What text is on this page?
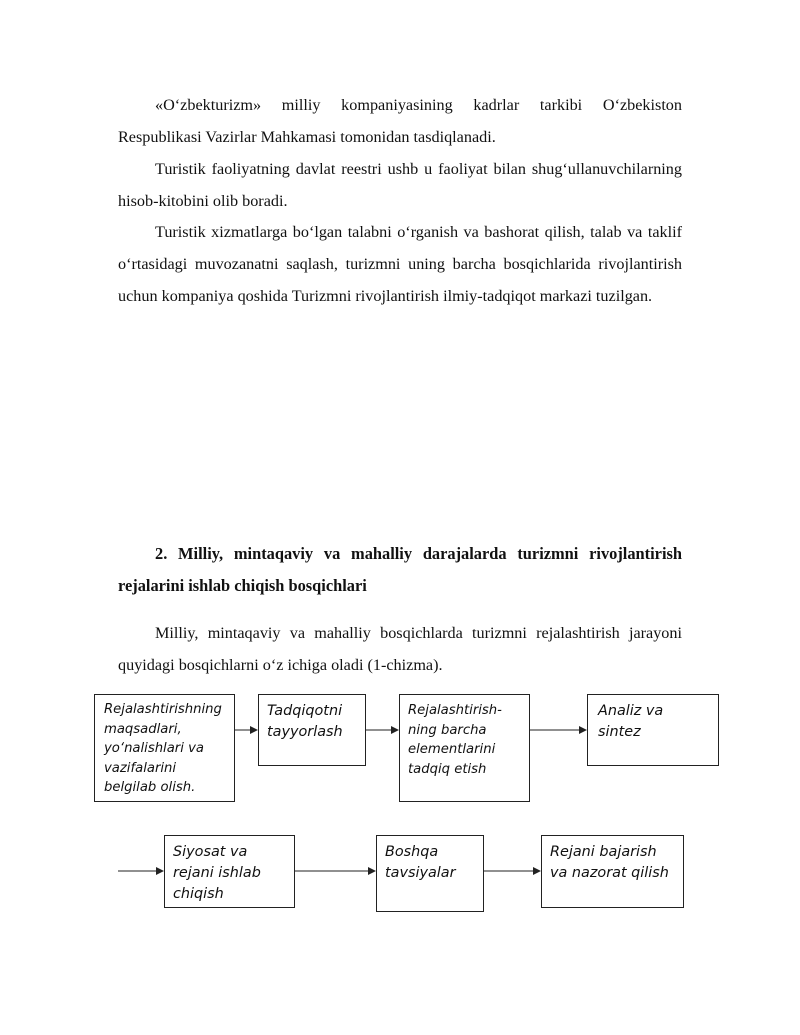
«O‘zbekturizm» milliy kompaniyasining kadrlar tarkibi O‘zbekiston Respublikasi Vazirlar Mahkamasi tomonidan tasdiqlanadi.

Turistik faoliyatning davlat reestri ushb u faoliyat bilan shug‘ullanuvchilarning hisob-kitobini olib boradi.

Turistik xizmatlarga bo‘lgan talabni o‘rganish va bashorat qilish, talab va taklif o‘rtasidagi muvozanatni saqlash, turizmni uning barcha bosqichlarida rivojlantirish uchun kompaniya qoshida Turizmni rivojlantirish ilmiy-tadqiqot markazi tuzilgan.

2. Milliy, mintaqaviy va mahalliy darajalarda turizmni rivojlantirish rejalarini ishlab chiqish bosqichlari

Milliy, mintaqaviy va mahalliy bosqichlarda turizmni rejalashtirish jarayoni quyidagi bosqichlarni o‘z ichiga oladi (1-chizma).

Rejalashtirishning maqsadlari, yo‘nalishlari va vazifalarini belgilab olish.
Tadqiqotni tayyorlash
Rejalashtirish-ning barcha elementlarini tadqiq etish
Analiz va sintez
Siyosat va rejani ishlab chiqish
Boshqa tavsiyalar
Rejani bajarish va nazorat qilish
